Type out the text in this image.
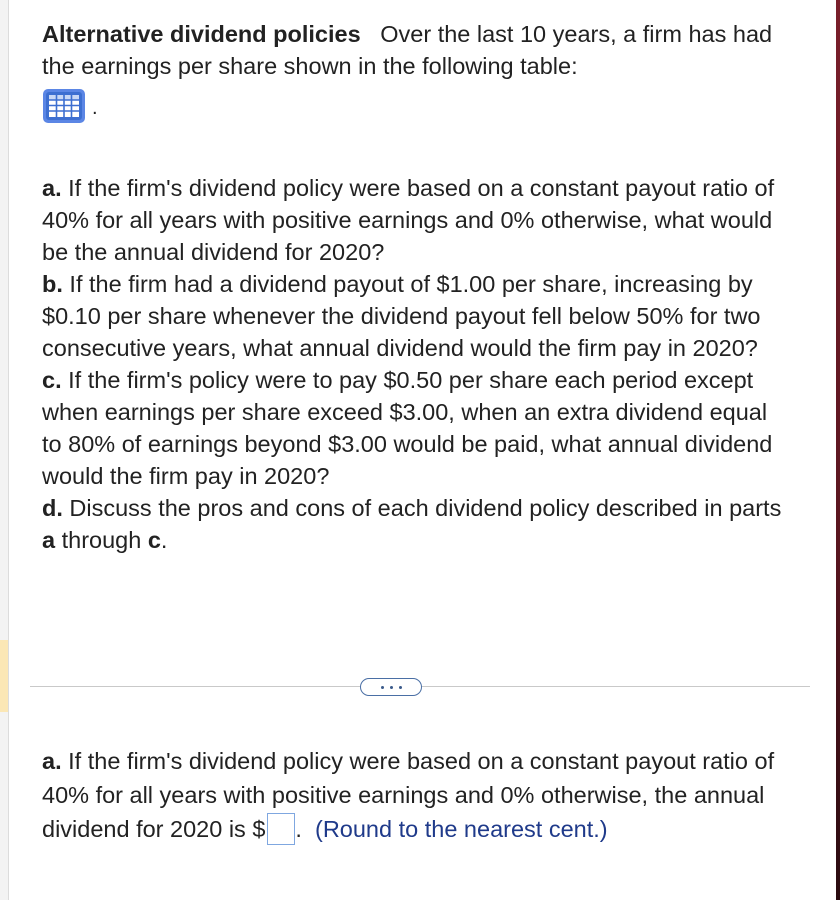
Alternative dividend policies Over the last 10 years, a firm has had the earnings per share shown in the following table:
.
a. If the firm's dividend policy were based on a constant payout ratio of 40% for all years with positive earnings and 0% otherwise, what would be the annual dividend for 2020?
b. If the firm had a dividend payout of $1.00 per share, increasing by $0.10 per share whenever the dividend payout fell below 50% for two consecutive years, what annual dividend would the firm pay in 2020?
c. If the firm's policy were to pay $0.50 per share each period except when earnings per share exceed $3.00, when an extra dividend equal to 80% of earnings beyond $3.00 would be paid, what annual dividend would the firm pay in 2020?
d. Discuss the pros and cons of each dividend policy described in parts a through c.
a. If the firm's dividend policy were based on a constant payout ratio of 40% for all years with positive earnings and 0% otherwise, the annual dividend for 2020 is $ . (Round to the nearest cent.)
